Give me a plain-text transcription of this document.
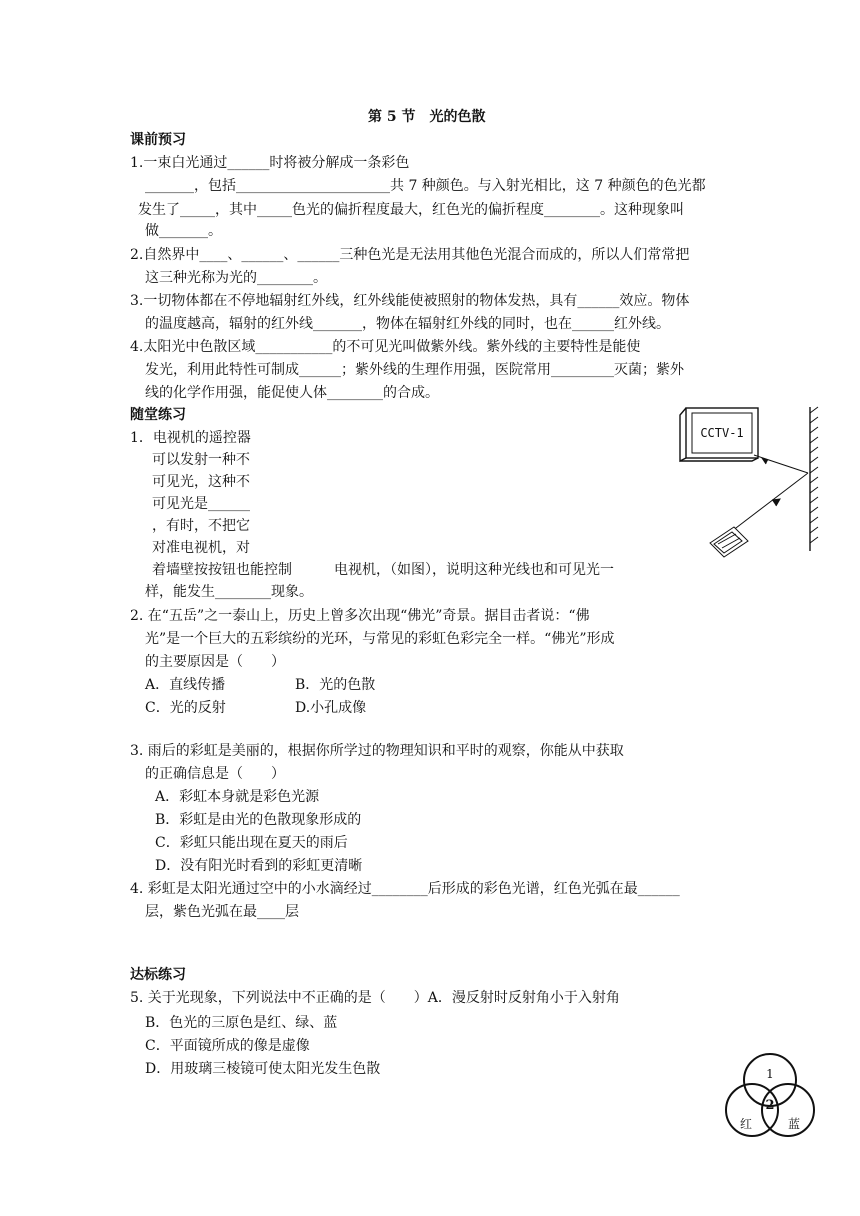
第 5 节　光的色散
课前预习
1.一束白光通过______时将被分解成一条彩色
_______，包括______________________共 7 种颜色。与入射光相比，这 7 种颜色的色光都
发生了_____，其中_____色光的偏折程度最大，红色光的偏折程度________。这种现象叫
做_______。
2.自然界中____、______、______三种色光是无法用其他色光混合而成的，所以人们常常把
这三种光称为光的________。
3.一切物体都在不停地辐射红外线，红外线能使被照射的物体发热，具有______效应。物体
的温度越高，辐射的红外线_______，物体在辐射红外线的同时，也在______红外线。
4.太阳光中色散区域___________的不可见光叫做紫外线。紫外线的主要特性是能使
发光，利用此特性可制成______；紫外线的生理作用强，医院常用_________灭菌；紫外
线的化学作用强，能促使人体________的合成。
随堂练习
1．电视机的遥控器
可以发射一种不
可见光，这种不
可见光是______
，有时，不把它
对准电视机，对
着墙壁按按钮也能控制　　　电视机，（如图），说明这种光线也和可见光一
样，能发生________现象。
2. 在“五岳”之一泰山上，历史上曾多次出现“佛光”奇景。据目击者说：“佛
光”是一个巨大的五彩缤纷的光环，与常见的彩虹色彩完全一样。“佛光”形成
的主要原因是（　　）
A．直线传播	B．光的色散
C．光的反射	D.小孔成像
3. 雨后的彩虹是美丽的，根据你所学过的物理知识和平时的观察，你能从中获取
的正确信息是（　　）
A．彩虹本身就是彩色光源
B．彩虹是由光的色散现象形成的
C．彩虹只能出现在夏天的雨后
D．没有阳光时看到的彩虹更清晰
4. 彩虹是太阳光通过空中的小水滴经过________后形成的彩色光谱，红色光弧在最______
层，紫色光弧在最____层
达标练习
5. 关于光现象，下列说法中不正确的是（　　）A．漫反射时反射角小于入射角
B．色光的三原色是红、绿、蓝
C．平面镜所成的像是虚像
D．用玻璃三棱镜可使太阳光发生色散
CCTV-1
1
2
红	蓝
